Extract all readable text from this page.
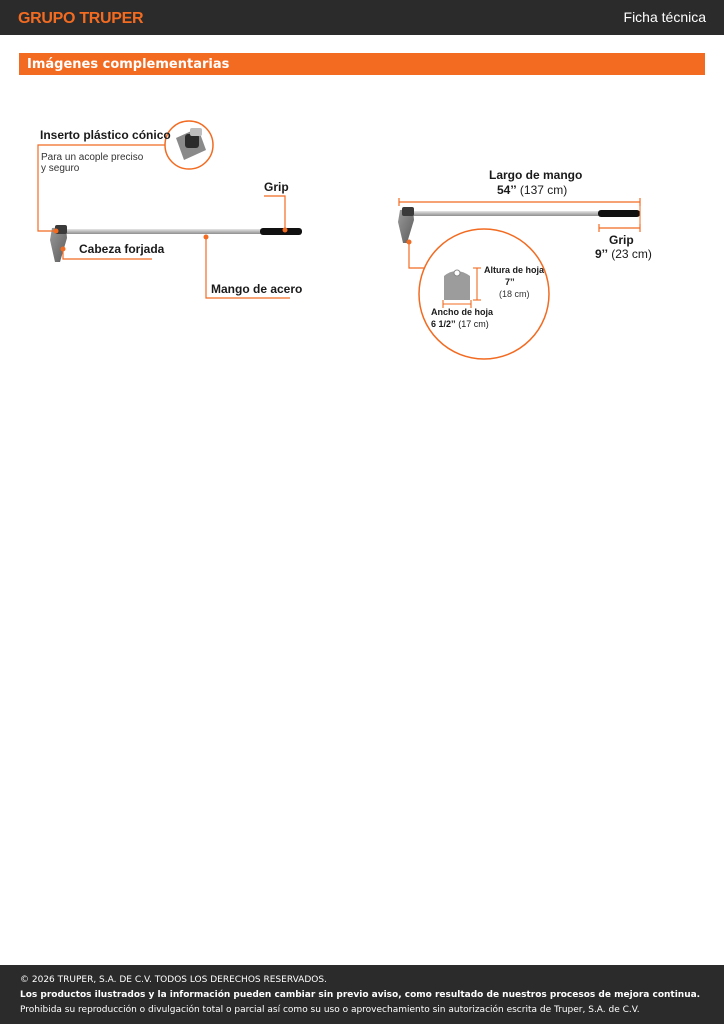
GRUPO TRUPER	Ficha técnica
Imágenes complementarias
Inserto plástico cónico
Para un acople preciso
y seguro
Grip
Cabeza forjada
Mango de acero
Largo de mango
54’’ (137 cm)
Grip
9’’ (23 cm)
Altura de hoja
7’’
(18 cm)
Ancho de hoja
6 1/2’’ (17 cm)
© 2026 TRUPER, S.A. DE C.V. TODOS LOS DERECHOS RESERVADOS.
Los productos ilustrados y la información pueden cambiar sin previo aviso, como resultado de nuestros procesos de mejora continua.
Prohibida su reproducción o divulgación total o parcial así como su uso o aprovechamiento sin autorización escrita de Truper, S.A. de C.V.
